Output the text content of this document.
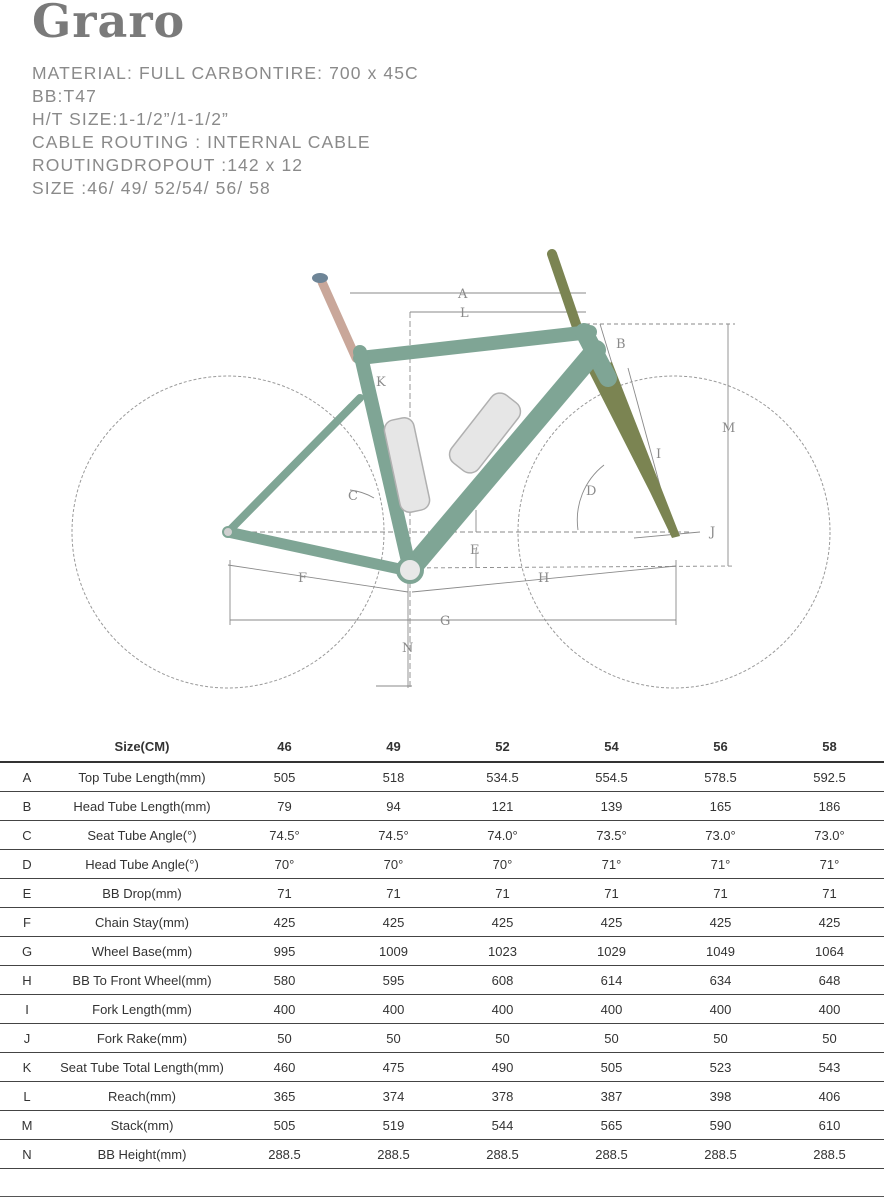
Graro
MATERIAL: FULL CARBONTIRE: 700 x 45C
BB:T47
H/T SIZE:1-1/2”/1-1/2”
CABLE ROUTING : INTERNAL CABLE
ROUTINGDROPOUT :142 x 12
SIZE :46/ 49/ 52/54/ 56/ 58
A
L
B
K
M
I
C	D
J
E
F	H
G
N
	Size(CM)	46	49	52	54	56	58
A	Top Tube Length(mm)	505	518	534.5	554.5	578.5	592.5
B	Head Tube Length(mm)	79	94	121	139	165	186
C	Seat Tube Angle(°)	74.5°	74.5°	74.0°	73.5°	73.0°	73.0°
D	Head Tube Angle(°)	70°	70°	70°	71°	71°	71°
E	BB Drop(mm)	71	71	71	71	71	71
F	Chain Stay(mm)	425	425	425	425	425	425
G	Wheel Base(mm)	995	1009	1023	1029	1049	1064
H	BB To Front Wheel(mm)	580	595	608	614	634	648
I	Fork Length(mm)	400	400	400	400	400	400
J	Fork Rake(mm)	50	50	50	50	50	50
K	Seat Tube Total Length(mm)	460	475	490	505	523	543
L	Reach(mm)	365	374	378	387	398	406
M	Stack(mm)	505	519	544	565	590	610
N	BB Height(mm)	288.5	288.5	288.5	288.5	288.5	288.5
